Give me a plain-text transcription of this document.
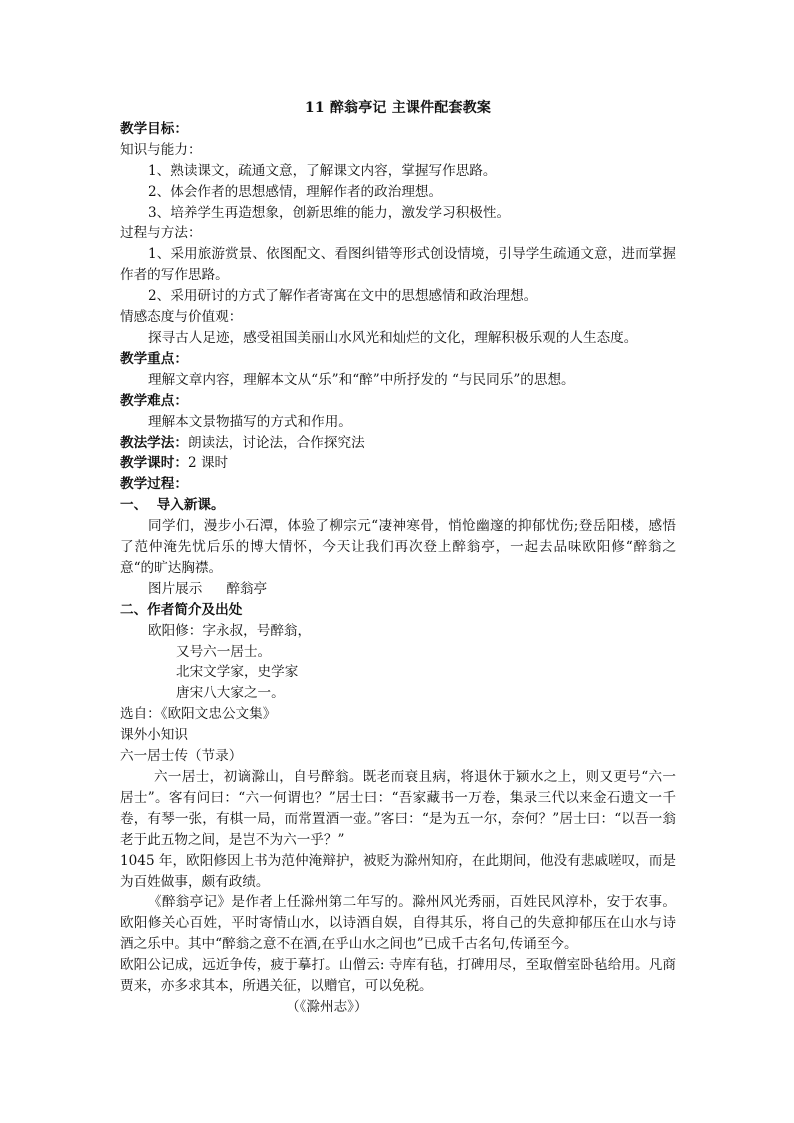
11 醉翁亭记 主课件配套教案
教学目标：
知识与能力：
1、熟读课文，疏通文意，了解课文内容，掌握写作思路。
2、体会作者的思想感情，理解作者的政治理想。
3、培养学生再造想象，创新思维的能力，激发学习积极性。
过程与方法：
1、采用旅游赏景、依图配文、看图纠错等形式创设情境，引导学生疏通文意，进而掌握作者的写作思路。
2、采用研讨的方式了解作者寄寓在文中的思想感情和政治理想。
情感态度与价值观：
探寻古人足迹，感受祖国美丽山水风光和灿烂的文化，理解积极乐观的人生态度。
教学重点：
理解文章内容，理解本文从“乐”和“醉”中所抒发的 “与民同乐”的思想。
教学难点：
理解本文景物描写的方式和作用。
教法学法：朗读法，讨论法，合作探究法
教学课时：2 课时
教学过程：
一、  导入新课。
同学们，漫步小石潭，体验了柳宗元“凄神寒骨，悄怆幽邃的抑郁忧伤;登岳阳楼，感悟了范仲淹先忧后乐的博大情怀，今天让我们再次登上醉翁亭，一起去品味欧阳修“醉翁之意“的旷达胸襟。
图片展示 醉翁亭
二、作者简介及出处
欧阳修：字永叔，号醉翁，
又号六一居士。
北宋文学家，史学家
唐宋八大家之一。
选自：《欧阳文忠公文集》
课外小知识
六一居士传（节录）
六一居士，初谪滁山，自号醉翁。既老而衰且病，将退休于颍水之上，则又更号“六一居士”。客有问曰：“六一何谓也？”居士曰：“吾家藏书一万卷，集录三代以来金石遗文一千卷，有琴一张，有棋一局，而常置酒一壶。”客曰：“是为五一尔，奈何？”居士曰：“以吾一翁老于此五物之间，是岂不为六一乎？”
1045 年，欧阳修因上书为范仲淹辩护，被贬为滁州知府，在此期间，他没有悲戚嗟叹，而是为百姓做事，颇有政绩。
《醉翁亭记》是作者上任滁州第二年写的。滁州风光秀丽，百姓民风淳朴，安于农事。欧阳修关心百姓，平时寄情山水，以诗酒自娱，自得其乐，将自己的失意抑郁压在山水与诗酒之乐中。其中“醉翁之意不在酒,在乎山水之间也”已成千古名句,传诵至今。
欧阳公记成，远近争传，疲于摹打。山僧云: 寺库有毡，打碑用尽，至取僧室卧毡给用。凡商贾来，亦多求其本，所遇关征，以赠官，可以免税。
（《滁州志》）
